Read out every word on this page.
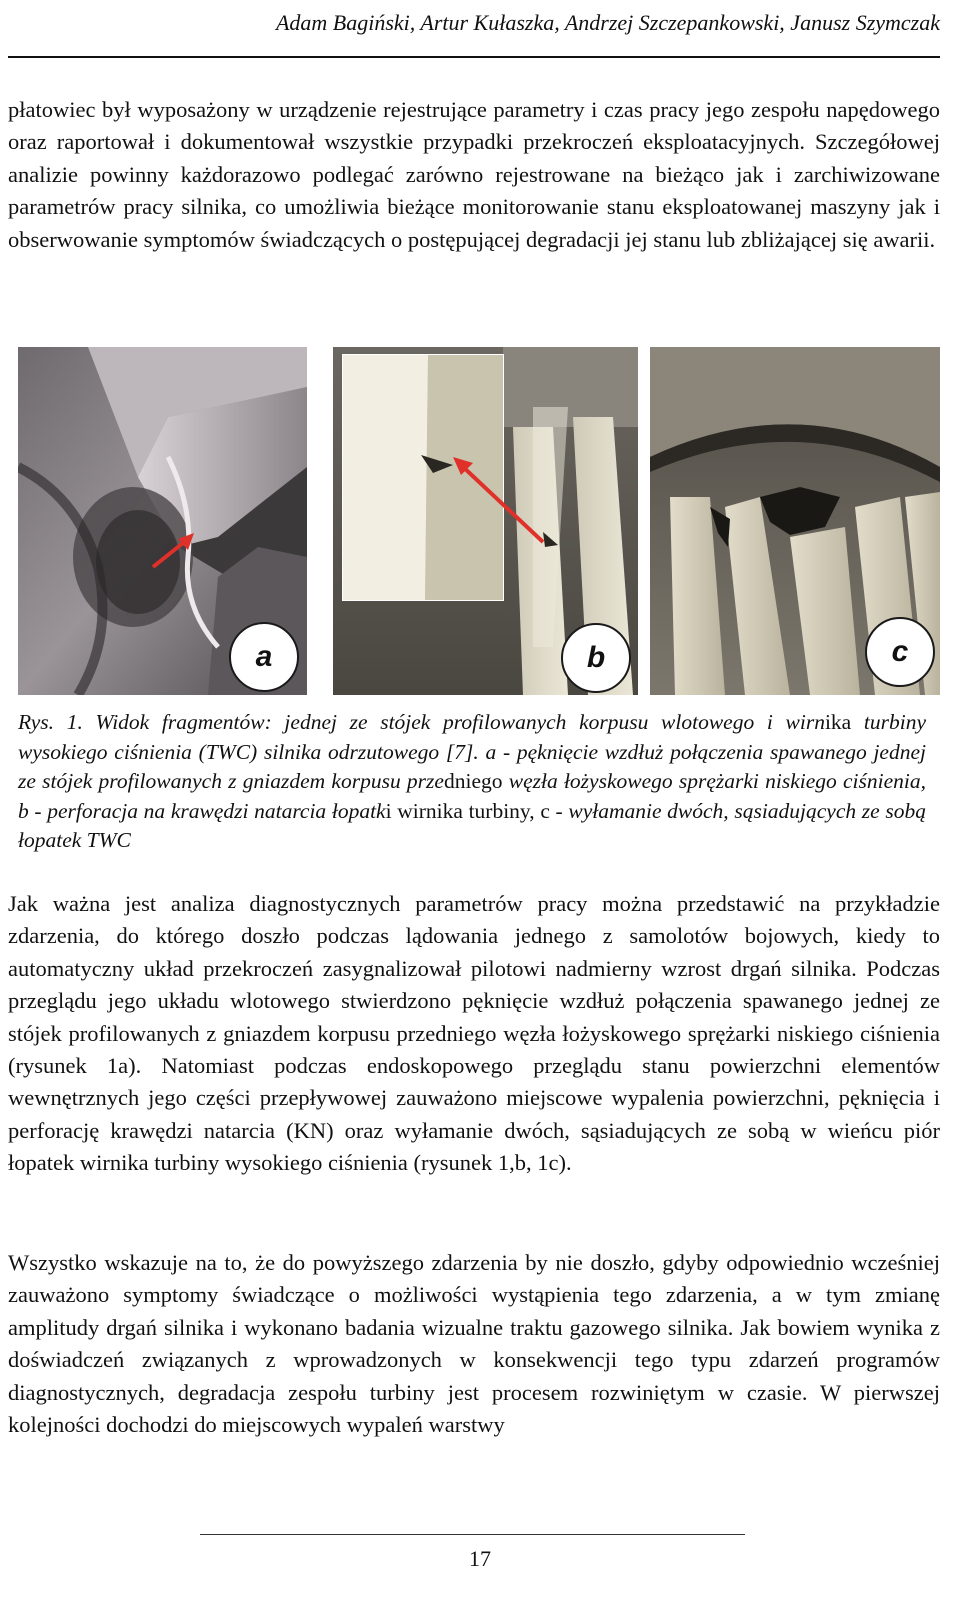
Adam Bagiński, Artur Kułaszka, Andrzej Szczepankowski, Janusz Szymczak

płatowiec był wyposażony w urządzenie rejestrujące parametry i czas pracy jego zespołu napędowego oraz raportował i dokumentował wszystkie przypadki przekroczeń eksploatacyjnych. Szczegółowej analizie powinny każdorazowo podlegać zarówno rejestrowane na bieżąco jak i zarchiwizowane parametrów pracy silnika, co umożliwia bieżące monitorowanie stanu eksploatowanej maszyny jak i obserwowanie symptomów świadczących o postępującej degradacji jej stanu lub zbliżającej się awarii.

a	b	c

Rys. 1. Widok fragmentów: jednej ze stójek profilowanych korpusu wlotowego i wirnika turbiny wysokiego ciśnienia (TWC) silnika odrzutowego [7]. a - pęknięcie wzdłuż połączenia spawanego jednej ze stójek profilowanych z gniazdem korpusu przedniego węzła łożyskowego sprężarki niskiego ciśnienia, b - perforacja na krawędzi natarcia łopatki wirnika turbiny, c - wyłamanie dwóch, sąsiadujących ze sobą łopatek TWC

Jak ważna jest analiza diagnostycznych parametrów pracy można przedstawić na przykładzie zdarzenia, do którego doszło podczas lądowania jednego z samolotów bojowych, kiedy to automatyczny układ przekroczeń zasygnalizował pilotowi nadmierny wzrost drgań silnika. Podczas przeglądu jego układu wlotowego stwierdzono pęknięcie wzdłuż połączenia spawanego jednej ze stójek profilowanych z gniazdem korpusu przedniego węzła łożyskowego sprężarki niskiego ciśnienia (rysunek 1a). Natomiast podczas endoskopowego przeglądu stanu powierzchni elementów wewnętrznych jego części przepływowej zauważono miejscowe wypalenia powierzchni, pęknięcia i perforację krawędzi natarcia (KN) oraz wyłamanie dwóch, sąsiadujących ze sobą w wieńcu piór łopatek wirnika turbiny wysokiego ciśnienia (rysunek 1,b, 1c).

Wszystko wskazuje na to, że do powyższego zdarzenia by nie doszło, gdyby odpowiednio wcześniej zauważono symptomy świadczące o możliwości wystąpienia tego zdarzenia, a w tym zmianę amplitudy drgań silnika i wykonano badania wizualne traktu gazowego silnika. Jak bowiem wynika z doświadczeń związanych z wprowadzonych w konsekwencji tego typu zdarzeń programów diagnostycznych, degradacja zespołu turbiny jest procesem rozwiniętym w czasie. W pierwszej kolejności dochodzi do miejscowych wypaleń warstwy

17
